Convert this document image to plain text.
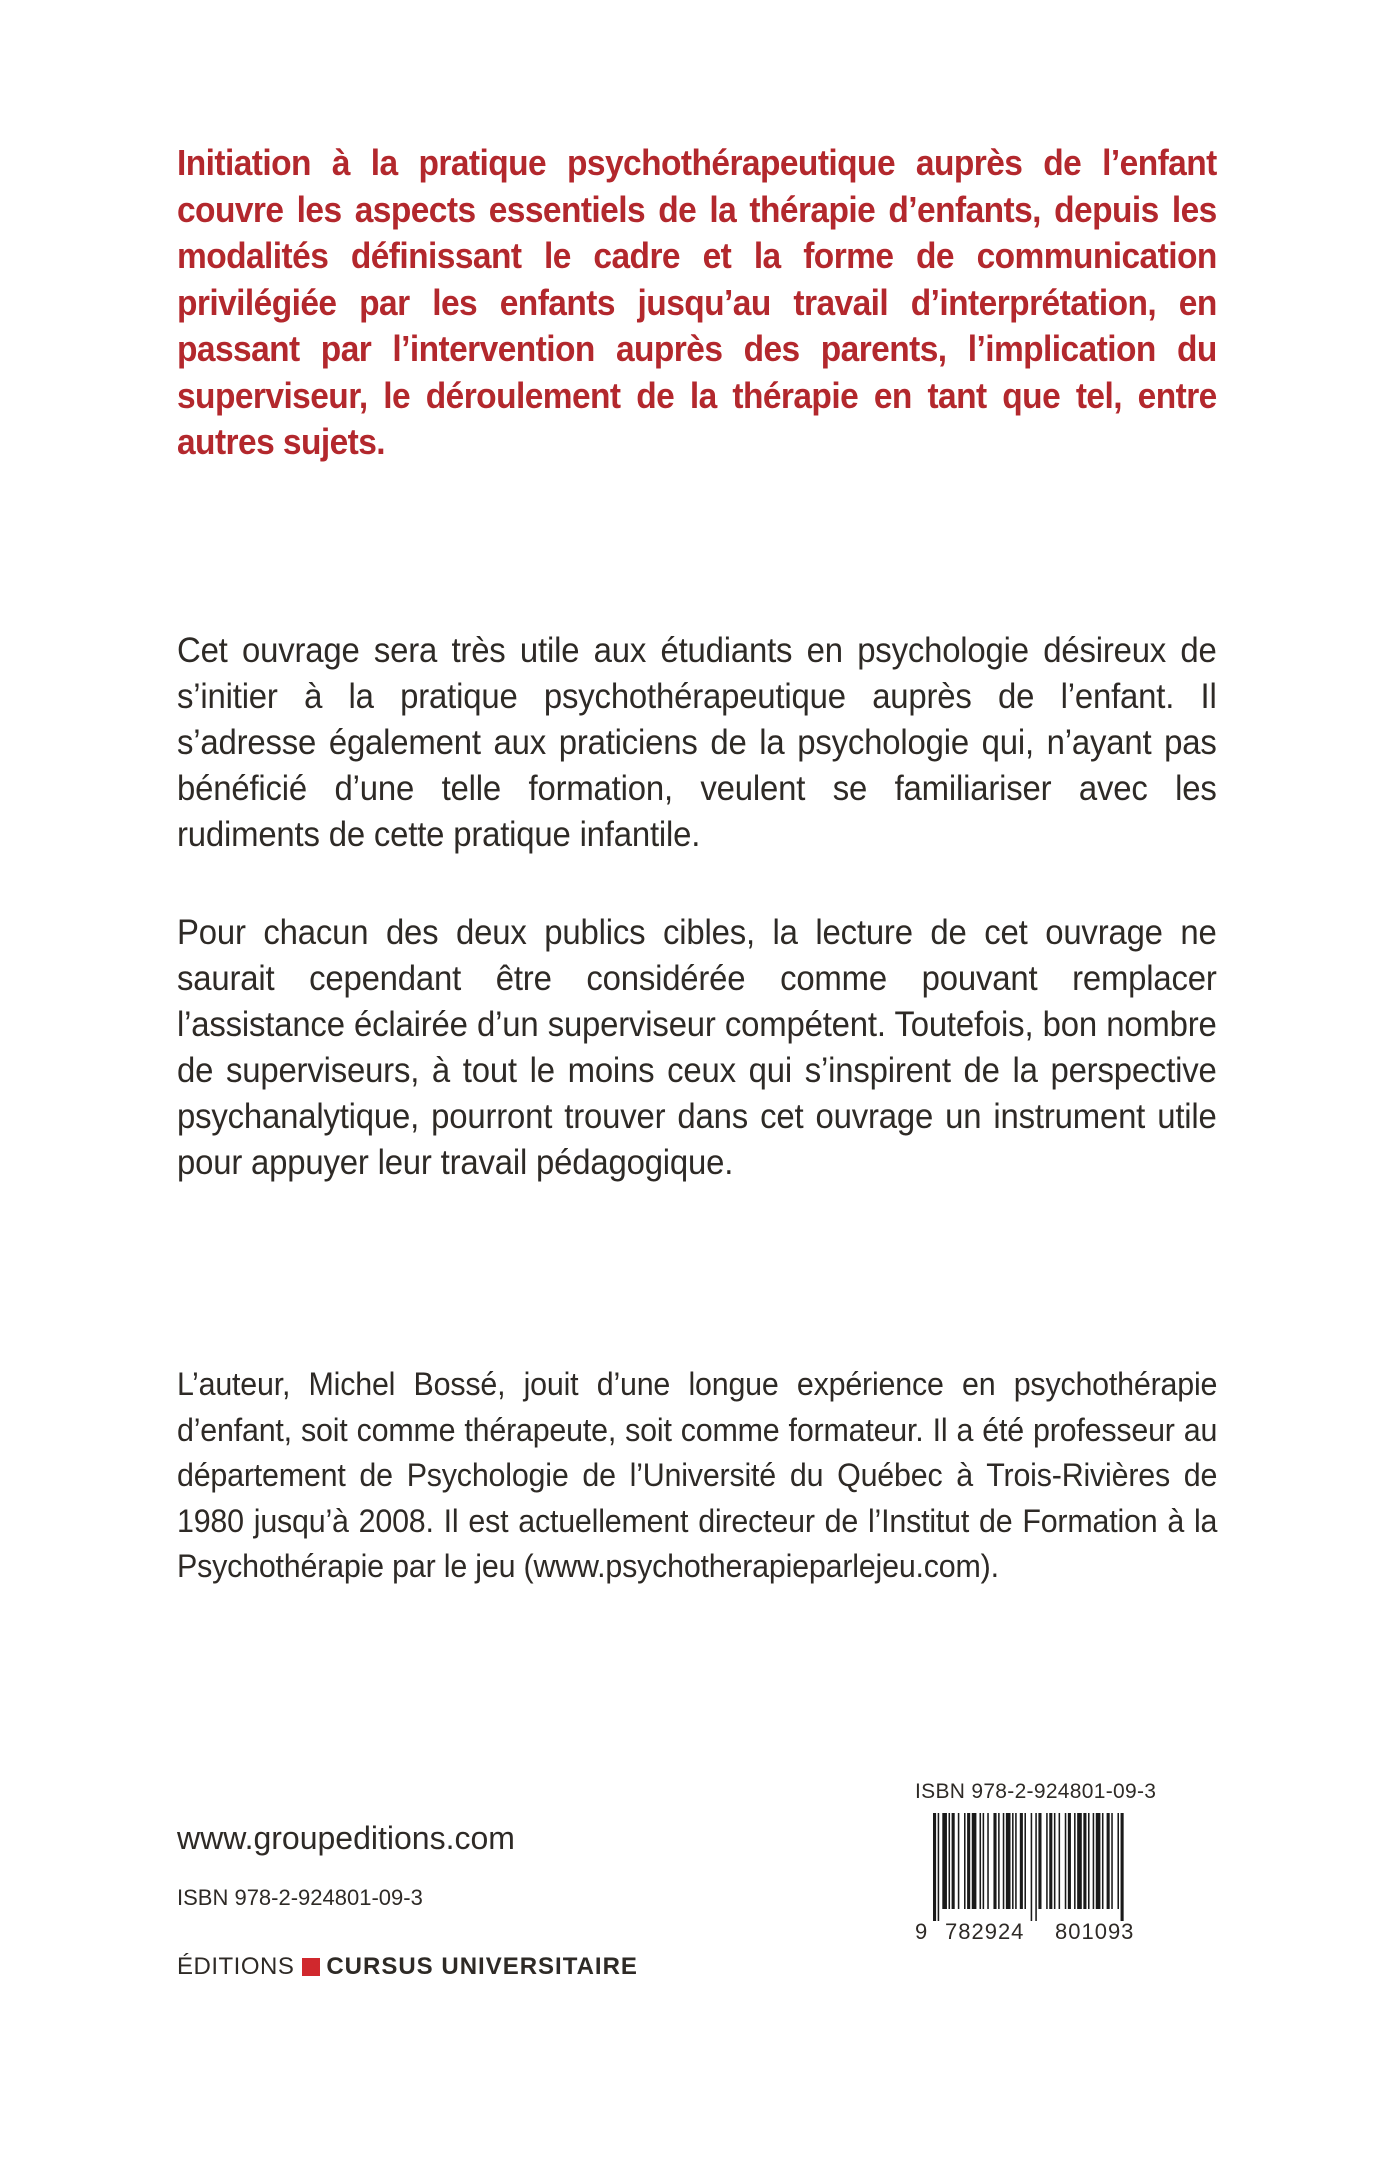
Initiation à la pratique psychothérapeutique auprès de l’enfant couvre les aspects essentiels de la thérapie d’enfants, depuis les modalités définissant le cadre et la forme de communication privilégiée par les enfants jusqu’au travail d’interprétation, en passant par l’intervention auprès des parents, l’implication du superviseur, le déroulement de la thérapie en tant que tel, entre autres sujets.

Cet ouvrage sera très utile aux étudiants en psychologie désireux de s’initier à la pratique psychothérapeutique auprès de l’enfant. Il s’adresse également aux praticiens de la psychologie qui, n’ayant pas bénéficié d’une telle formation, veulent se familiariser avec les rudiments de cette pratique infantile.

Pour chacun des deux publics cibles, la lecture de cet ouvrage ne saurait cependant être considérée comme pouvant remplacer l’assistance éclairée d’un superviseur compétent. Toutefois, bon nombre de superviseurs, à tout le moins ceux qui s’inspirent de la perspective psychanalytique, pourront trouver dans cet ouvrage un instrument utile pour appuyer leur travail pédagogique.

L’auteur, Michel Bossé, jouit d’une longue expérience en psychothérapie d’enfant, soit comme thérapeute, soit comme formateur. Il a été professeur au département de Psychologie de l’Université du Québec à Trois-Rivières de 1980 jusqu’à 2008. Il est actuellement directeur de l’Institut de Formation à la Psychothérapie par le jeu (www.psychotherapieparlejeu.com).

www.groupeditions.com

ISBN 978-2-924801-09-3

ÉDITIONS CURSUS UNIVERSITAIRE
ISBN 978-2-924801-09-3
9 782924 801093
